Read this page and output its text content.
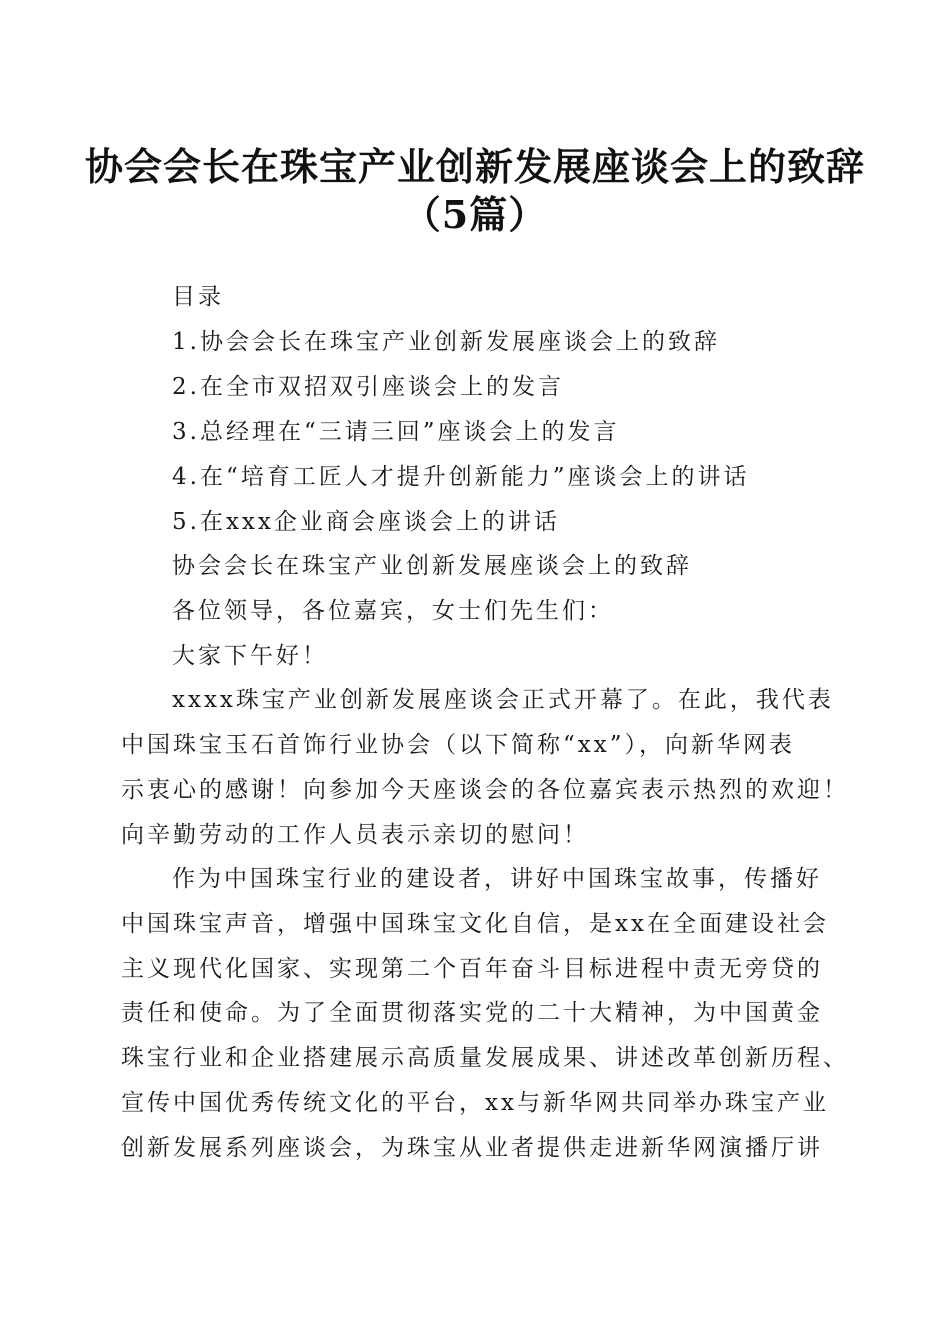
协会会长在珠宝产业创新发展座谈会上的致辞
（5篇）
目录
1.协会会长在珠宝产业创新发展座谈会上的致辞
2.在全市双招双引座谈会上的发言
3.总经理在“三请三回”座谈会上的发言
4.在“培育工匠人才提升创新能力”座谈会上的讲话
5.在xxx企业商会座谈会上的讲话
协会会长在珠宝产业创新发展座谈会上的致辞
各位领导，各位嘉宾，女士们先生们：
大家下午好！
xxxx珠宝产业创新发展座谈会正式开幕了。在此，我代表
中国珠宝玉石首饰行业协会（以下简称“xx”），向新华网表
示衷心的感谢！向参加今天座谈会的各位嘉宾表示热烈的欢迎！
向辛勤劳动的工作人员表示亲切的慰问！
作为中国珠宝行业的建设者，讲好中国珠宝故事，传播好
中国珠宝声音，增强中国珠宝文化自信，是xx在全面建设社会
主义现代化国家、实现第二个百年奋斗目标进程中责无旁贷的
责任和使命。为了全面贯彻落实党的二十大精神，为中国黄金
珠宝行业和企业搭建展示高质量发展成果、讲述改革创新历程、
宣传中国优秀传统文化的平台，xx与新华网共同举办珠宝产业
创新发展系列座谈会，为珠宝从业者提供走进新华网演播厅讲
